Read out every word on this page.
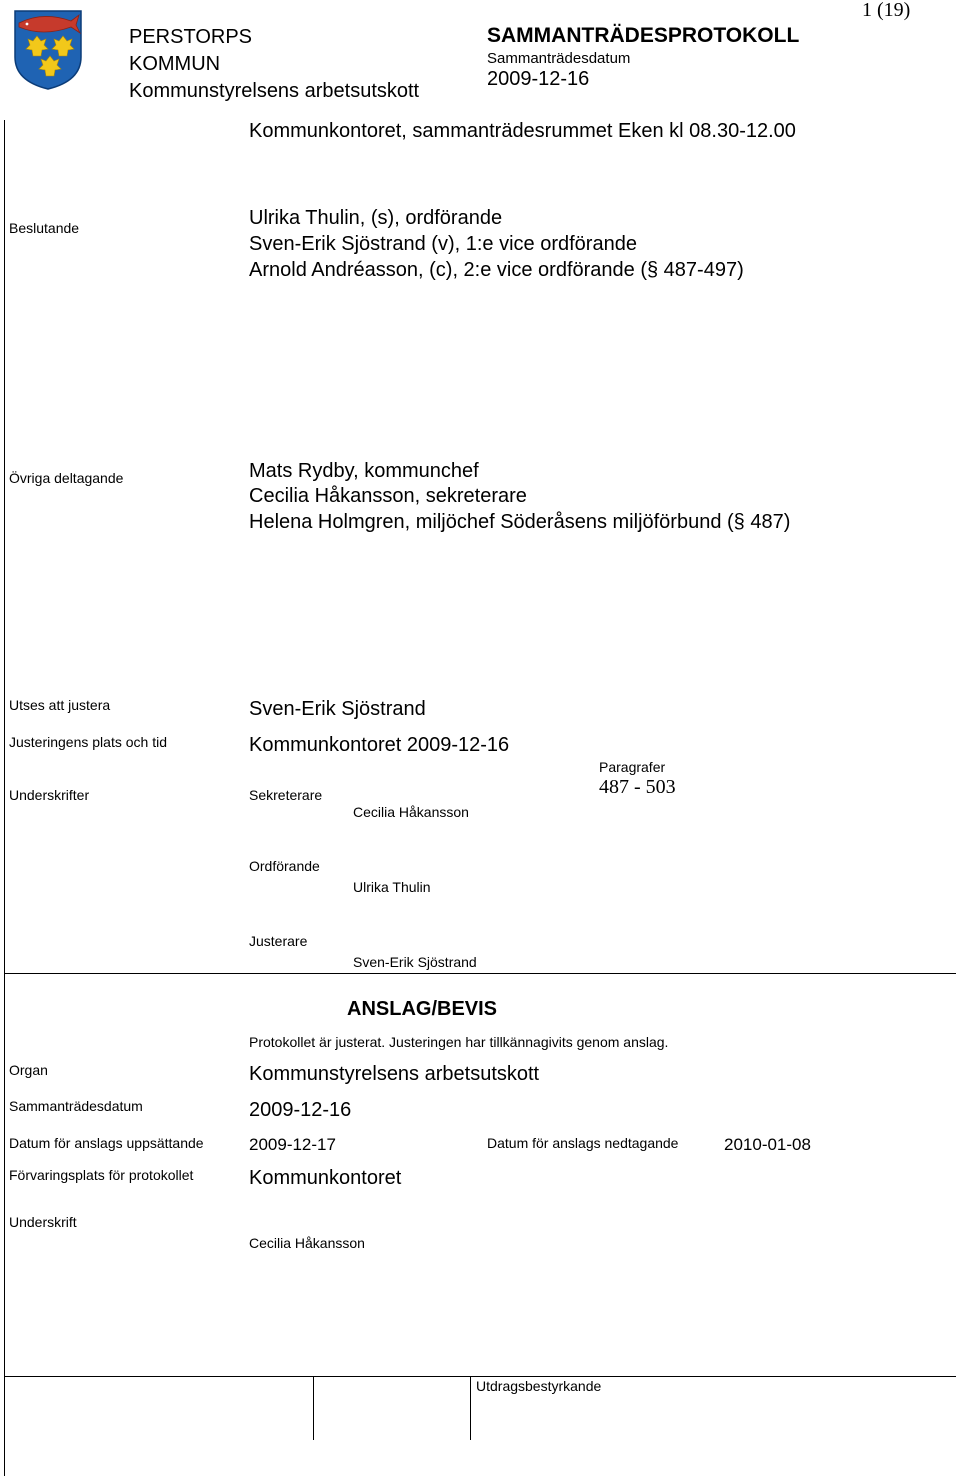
PERSTORPS
KOMMUN
Kommunstyrelsens arbetsutskott
SAMMANTRÄDESPROTOKOLL
Sammanträdesdatum
2009-12-16
1 (19)
Kommunkontoret, sammanträdesrummet Eken kl 08.30-12.00
Beslutande	Ulrika Thulin, (s), ordförande
Sven-Erik Sjöstrand (v), 1:e vice ordförande
Arnold Andréasson, (c), 2:e vice ordförande (§ 487-497)
Övriga deltagande	Mats Rydby, kommunchef
Cecilia Håkansson, sekreterare
Helena Holmgren, miljöchef Söderåsens miljöförbund (§ 487)
Utses att justera	Sven-Erik Sjöstrand
Justeringens plats och tid	Kommunkontoret 2009-12-16
Paragrafer
487 - 503
Underskrifter	Sekreterare
Cecilia Håkansson
Ordförande
Ulrika Thulin
Justerare
Sven-Erik Sjöstrand
ANSLAG/BEVIS
Protokollet är justerat. Justeringen har tillkännagivits genom anslag.
Organ	Kommunstyrelsens arbetsutskott
Sammanträdesdatum	2009-12-16
Datum för anslags uppsättande	2009-12-17	Datum för anslags nedtagande	2010-01-08
Förvaringsplats för protokollet	Kommunkontoret
Underskrift
Cecilia Håkansson
Utdragsbestyrkande
